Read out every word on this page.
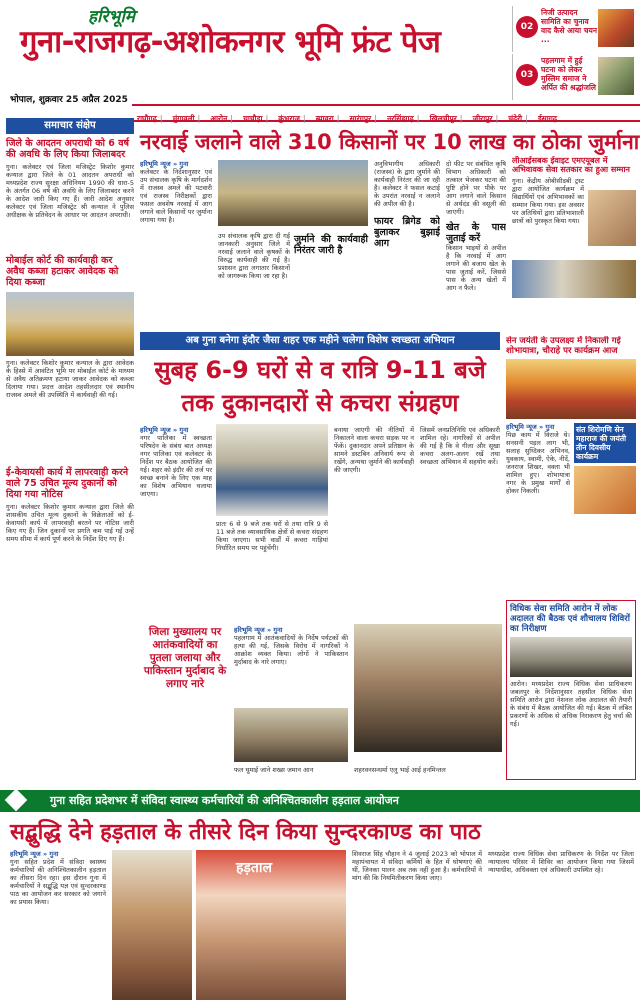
हरिभूमि
गुना-राजगढ़-अशोकनगर भूमि फ्रंट पेज
भोपाल, शुक्रवार 25 अप्रैल 2025
02
निजी उत्पादन सामिति का चुनाव वाद कैसे आया चयन ...
03
पहलगाम में हुई घटना को लेकर मुस्लिम समाज ने अर्पित की श्रद्धांजलि
राघौगढ़ | मुंगावली | आरोन | चाचौड़ा | कुंभराज | ब्यावरा | सारंगपुर | नरसिंहगढ़ | खिलचीपुर | जीरापुर | चंदेरी | ईसागढ़
समाचार संक्षेप
जिले के आदतन अपराधी को 6 वर्ष की अवधि के लिए किया जिलाबदर
गुना। कलेक्टर एवं जिला मजिस्ट्रेट किशोर कुमार कन्याल द्वारा जिले के 01 आदतन अपराधी को मध्यप्रदेश राज्य सुरक्षा अधिनियम 1990 की धारा-5 के अंतर्गत 06 वर्ष की अवधि के लिए जिलाबदर करने के आदेश जारी किए गए हैं। जारी आदेश अनुसार कलेक्टर एवं जिला मजिस्ट्रेट श्री कन्याल ने पुलिस अधीक्षक के प्रतिवेदन के आधार पर आदतन अपराधी।
मोबाईल कोर्ट की कार्यवाही कर अवैध कब्जा हटाकर आवेदक को दिया कब्जा
गुना। कलेक्टर किशोर कुमार कन्याल के द्वारा आवेदक के हिस्से में आवंटित भूमि पर मोबाईल कोर्ट के माध्यम से अवैध अतिक्रमण हटाया जाकर आवेदक को कब्जा दिलाया गया। प्रदत्त आदेश तहसीलदार एवं स्थानीय राजस्व अमले की उपस्थिति में कार्यवाही की गई।
ई-केवायसी कार्य में लापरवाही करने वाले 75 उचित मूल्य दुकानों को दिया गया नोटिस
गुना। कलेक्टर किशोर कुमार कन्याल द्वारा जिले की शासकीय उचित मूल्य दुकानों के विक्रेताओं को ई-केवायसी कार्य में लापरवाही बरतने पर नोटिस जारी किए गए हैं। जिन दुकानों पर प्रगति कम पाई गई उन्हें समय सीमा में कार्य पूर्ण करने के निर्देश दिए गए हैं।
नरवाई जलाने वाले 310 किसानों पर 10 लाख का ठोका जुर्माना
हरिभूमि न्यूज » गुना
कलेक्टर के निर्देशानुसार एवं उप संचालक कृषि के मार्गदर्शन में राजस्व अमले की पटवारी एवं राजस्व निरीक्षकों द्वारा फसल अवशेष नरवाई में आग लगाने वाले किसानों पर जुर्माना लगाया गया है।
उप संचालक कृषि द्वारा दी गई जानकारी अनुसार जिले में नरवाई जलाने वाले कृषकों के विरुद्ध कार्यवाही की गई है। प्रशासन द्वारा लगातार किसानों को जागरूक किया जा रहा है।
जुर्माने की कार्यवाही निरंतर जारी है
अनुविभागीय अधिकारी (राजस्व) के द्वारा जुर्माने की कार्यवाही निरंतर की जा रही है। कलेक्टर ने फसल कटाई के उपरांत नरवाई न जलाने की अपील की है।
फायर ब्रिगेड को बुलाकर बुझाई आग
दो फीट पर संबंधित कृषि विभाग अधिकारी को तत्काल भेजकर घटना की पुष्टि होने पर पीके पर आग लगाने वाले किसान से अर्थदंड की वसूली की जाएगी।
खेत के पास जुताई करें
किसान भाइयों से अपील है कि नरवाई में आग लगाने की बजाय खेत के पास जुताई करें, जिससे पास के अन्य खेतों में आग न फैले।
लीआईसबक ईवाइट एमएयूबल में अभिवावक सेवा सतकार का हुआ सम्मान
गुना। केंद्रीय ओबीसीडबी ट्रस्ट द्वारा आयोजित कार्यक्रम में विद्यार्थियों एवं अभिभावकों का सम्मान किया गया। इस अवसर पर अतिथियों द्वारा प्रतिभाशाली छात्रों को पुरस्कृत किया गया।
अब गुना बनेगा इंदौर जैसा शहर एक महीने चलेगा विशेष स्वच्छता अभियान
सुबह 6-9 घरों से व रात्रि 9-11 बजे तक दुकानदारों से कचरा संग्रहण
हरिभूमि न्यूज » गुना
नगर पालिका में स्वच्छता परिषदेन के संबंध बात अध्यक्ष नगर पालिका एवं कलेक्टर के निर्देश पर बैठक आयोजित की गई। शहर को इंदौर की तर्ज पर स्वच्छ बनाने के लिए एक माह का विशेष अभियान चलाया जाएगा।
प्रातः 6 से 9 बजे तक घरों से तथा रात्रि 9 से 11 बजे तक व्यावसायिक क्षेत्रों से कचरा संग्रहण किया जाएगा। सभी वार्डों में कचरा गाड़ियां निर्धारित समय पर पहुंचेंगी।
बनाया जाएगी की नीतियों में निकालने वाला कचरा सड़क पर न फेंकें। दुकानदार अपने प्रतिष्ठान के सामने डस्टबिन अनिवार्य रूप से रखेंगे, अन्यथा जुर्माने की कार्यवाही की जाएगी।
जिसमें जनप्रतिनिधि एवं अधिकारी शामिल रहे। नागरिकों से अपील की गई है कि वे गीला और सूखा कचरा अलग-अलग रखें तथा स्वच्छता अभियान में सहयोग करें।
सेन जयंती के उपलक्ष्य में निकाली गई शोभायात्रा, चौराहे पर कार्यक्रम आज
हरिभूमि न्यूज » गुना
पिछ काय में विराजे थे। सनसनी पड़ल लाग भी, सलाह सुध्दिकर अभिनव, युवकाय, स्वामी, ऐके, नीदें, जनराज शिखर, वक्ता भी शामिल हुए। शोभायात्रा नगर के प्रमुख मार्गों से होकर निकली।
संत शिरोमणि सेन महाराज की जयंती तीन दिवसीय कार्यक्रम
विधिक सेवा समिति आरोन में लोक अदालत की बैठक एवं शौचालय शिविरों का निरीक्षण
आरोन। मध्यप्रदेश राज्य विधिक सेवा प्राधिकरण जबलपुर के निर्देशानुसार तहसील विधिक सेवा समिति आरोन द्वारा नेशनल लोक अदालत की तैयारी के संबंध में बैठक आयोजित की गई। बैठक में लंबित प्रकरणों के अधिक से अधिक निराकरण हेतु चर्चा की गई।
जिला मुख्यालय पर आतंकवादियों का पुतला जलाया और पाकिस्तान मुर्दाबाद के लगाए नारे
हरिभूमि न्यूज » गुना
पहलगाम में आतंकवादियों के निर्देष पर्यटकों की हत्या की गई, जिसके विरोध में नागरिकों ने आक्रोश व्यक्त किया। लोगों ने पाकिस्तान मुर्दाबाद के नारे लगाए।
फल घूमाई जाने शख्स जमान आन	शहरवनसन्धर्मा एलु भाई आई हनमिन्तल
गुना सहित प्रदेशभर में संविदा स्वास्थ्य कर्मचारियों की अनिश्चितकालीन हड़ताल आयोजन
सद्बुद्धि देने हड़ताल के तीसरे दिन किया सुन्दरकाण्ड का पाठ
हरिभूमि न्यूज » गुना
गुना सहित प्रदेश में संविदा स्वास्थ्य कर्मचारियों की अनिश्चितकालीन हड़ताल का तीसरा दिन रहा। इस दौरान गुना में कर्मचारियों ने सद्बुद्धि यज्ञ एवं सुन्दरकाण्ड पाठ का आयोजन कर सरकार को जगाने का प्रयास किया।
हड़ताल
शिवराज सिंह चौहान ने 4 जुलाई 2023 को भोपाल में महापंचायत में संविदा कर्मियों के हित में घोषणाएं की थीं, जिनका पालन अब तक नहीं हुआ है। कर्मचारियों ने मांग की कि नियमितीकरण किया जाए।
मध्यप्रदेश राज्य विधिक सेवा प्राधिकरण के निर्देश पर जिला न्यायालय परिसर में शिविर का आयोजन किया गया जिसमें न्यायाधीश, अधिवक्ता एवं अधिकारी उपस्थित रहे।
